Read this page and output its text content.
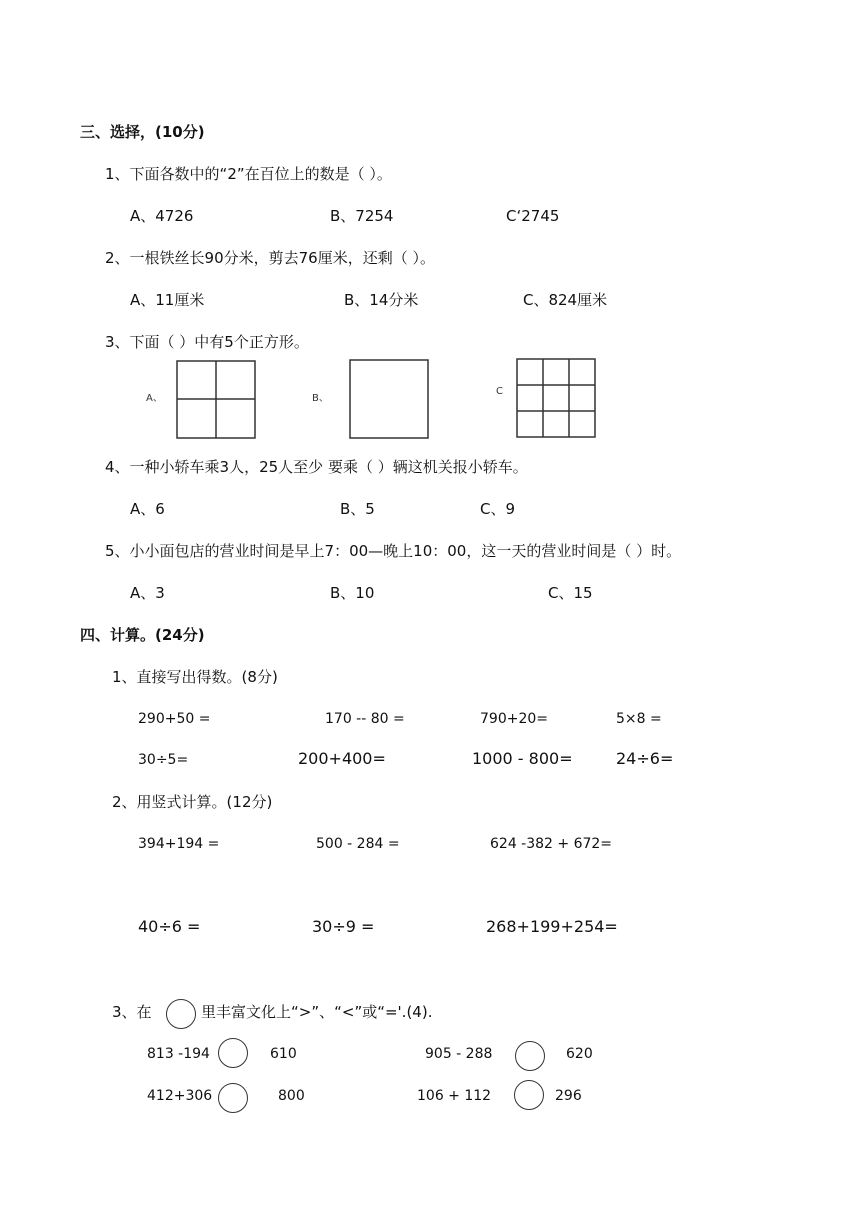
三、选择，(10分)
1、下面各数中的“2”在百位上的数是（ ）。
A、4726	B、7254	C‘2745
2、一根铁丝长90分米，剪去76厘米，还剩（ ）。
A、11厘米	B、14分米	C、824厘米
3、下面（ ）中有5个正方形。
A、	B、
C
4、一种小轿车乘3人，25人至少 要乘（ ）辆这机关报小轿车。
A、6	B、5	C、9
5、小小面包店的营业时间是早上7：00—晚上10：00，这一天的营业时间是（ ）时。
A、3	B、10	C、15
四、计算。(24分)
1、直接写出得数。(8分)
290+50 =	170 -- 80 =	790+20=	5×8 =
30÷5=	200+400=	1000 - 800=	24÷6=
2、用竖式计算。(12分)
394+194 =	500 - 284 =	624 -382 + 672=
40÷6 =	30÷9 =	268+199+254=
3、在	里丰富文化上“>”、“<”或“='.(4).
813 -194	610	905 - 288	620
412+306	800	106 + 112	296
